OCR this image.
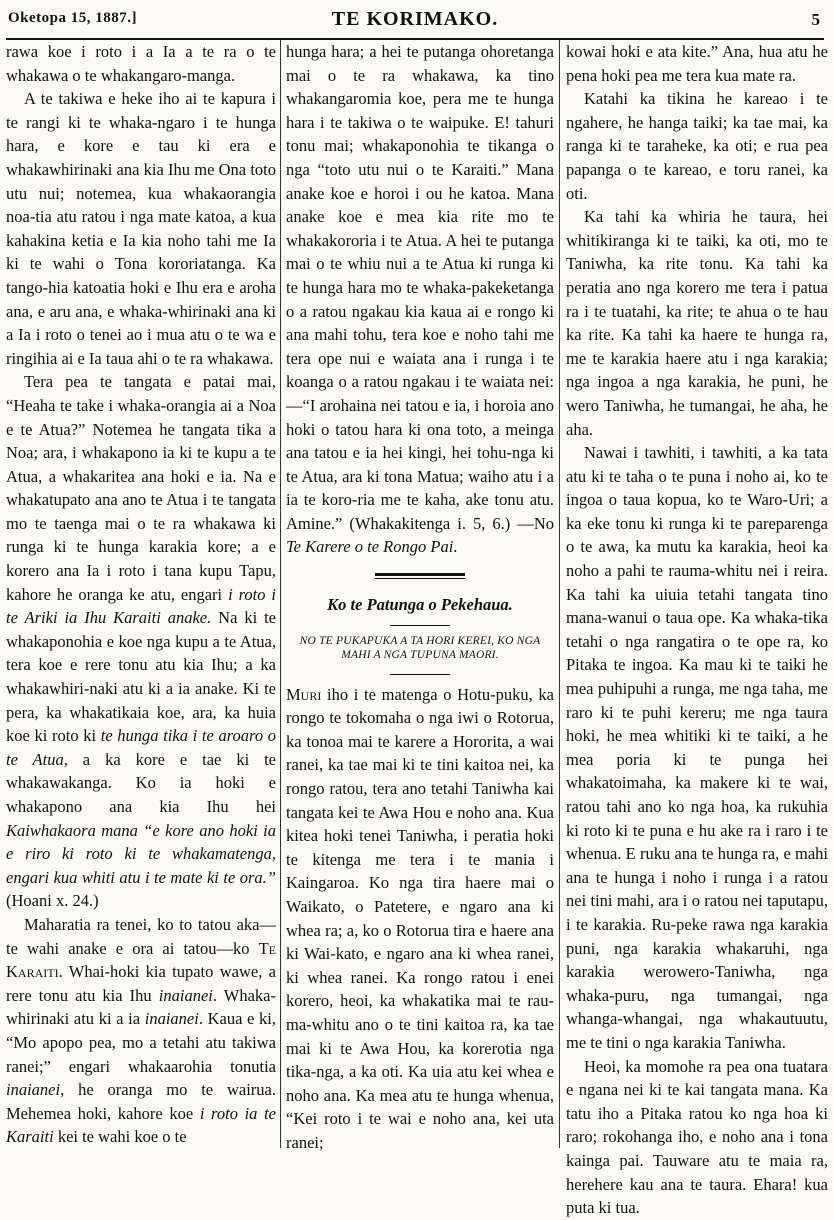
Oketopa 15, 1887.]	TE KORIMAKO.	5

rawa koe i roto i a Ia a te ra o te whakawa o te whakangaro-manga.

A te takiwa e heke iho ai te kapura i te rangi ki te whaka-ngaro i te hunga hara, e kore e tau ki era e whakawhirinaki ana kia Ihu me Ona toto utu nui; notemea, kua whakaorangia noa-tia atu ratou i nga mate katoa, a kua kahakina ketia e Ia kia noho tahi me Ia ki te wahi o Tona kororiatanga. Ka tango-hia katoatia hoki e Ihu era e aroha ana, e aru ana, e whaka-whirinaki ana ki a Ia i roto o tenei ao i mua atu o te wa e ringihia ai e Ia taua ahi o te ra whakawa.

Tera pea te tangata e patai mai, “Heaha te take i whaka-orangia ai a Noa e te Atua?” Notemea he tangata tika a Noa; ara, i whakapono ia ki te kupu a te Atua, a whakaritea ana hoki e ia. Na e whakatupato ana ano te Atua i te tangata mo te taenga mai o te ra whakawa ki runga ki te hunga karakia kore; a e korero ana Ia i roto i tana kupu Tapu, kahore he oranga ke atu, engari i roto i te Ariki ia Ihu Karaiti anake. Na ki te whakaponohia e koe nga kupu a te Atua, tera koe e rere tonu atu kia Ihu; a ka whakawhiri-naki atu ki a ia anake. Ki te pera, ka whakatikaia koe, ara, ka huia koe ki roto ki te hunga tika i te aroaro o te Atua, a ka kore e tae ki te whakawakanga. Ko ia hoki e whakapono ana kia Ihu hei Kaiwhakaora mana “e kore ano hoki ia e riro ki roto ki te whakamatenga, engari kua whiti atu i te mate ki te ora.” (Hoani x. 24.)

Maharatia ra tenei, ko to tatou aka—te wahi anake e ora ai tatou—ko Te Karaiti. Whai-hoki kia tupato wawe, a rere tonu atu kia Ihu inaianei. Whaka-whirinaki atu ki a ia inaianei. Kaua e ki, “Mo apopo pea, mo a tetahi atu takiwa ranei;” engari whakaarohia tonutia inaianei, he oranga mo te wairua. Mehemea hoki, kahore koe i roto ia te Karaiti kei te wahi koe o te

hunga hara; a hei te putanga ohoretanga mai o te ra whakawa, ka tino whakangaromia koe, pera me te hunga hara i te takiwa o te waipuke. E! tahuri tonu mai; whakaponohia te tikanga o nga “toto utu nui o te Karaiti.” Mana anake koe e horoi i ou he katoa. Mana anake koe e mea kia rite mo te whakakororia i te Atua. A hei te putanga mai o te whiu nui a te Atua ki runga ki te hunga hara mo te whaka-pakeketanga o a ratou ngakau kia kaua ai e rongo ki ana mahi tohu, tera koe e noho tahi me tera ope nui e waiata ana i runga i te koanga o a ratou ngakau i te waiata nei:—“I arohaina nei tatou e ia, i horoia ano hoki o tatou hara ki ona toto, a meinga ana tatou e ia hei kingi, hei tohu-nga ki te Atua, ara ki tona Matua; waiho atu i a ia te koro-ria me te kaha, ake tonu atu. Amine.” (Whakakitenga i. 5, 6.) —No Te Karere o te Rongo Pai.

Ko te Patunga o Pekehaua.

NO TE PUKAPUKA A TA HORI KEREI, KO NGA MAHI A NGA TUPUNA MAORI.

Muri iho i te matenga o Hotu-puku, ka rongo te tokomaha o nga iwi o Rotorua, ka tonoa mai te karere a Hororita, a wai ranei, ka tae mai ki te tini kaitoa nei, ka rongo ratou, tera ano tetahi Taniwha kai tangata kei te Awa Hou e noho ana. Kua kitea hoki tenei Taniwha, i peratia hoki te kitenga me tera i te mania i Kaingaroa. Ko nga tira haere mai o Waikato, o Patetere, e ngaro ana ki whea ra; a, ko o Rotorua tira e haere ana ki Wai-kato, e ngaro ana ki whea ranei, ki whea ranei. Ka rongo ratou i enei korero, heoi, ka whakatika mai te rau-ma-whitu ano o te tini kaitoa ra, ka tae mai ki te Awa Hou, ka korerotia nga tika-nga, a ka oti. Ka uia atu kei whea e noho ana. Ka mea atu te hunga whenua, “Kei roto i te wai e noho ana, kei uta ranei;

kowai hoki e ata kite.” Ana, hua atu he pena hoki pea me tera kua mate ra.

Katahi ka tikina he kareao i te ngahere, he hanga taiki; ka tae mai, ka ranga ki te taraheke, ka oti; e rua pea papanga o te kareao, e toru ranei, ka oti.

Ka tahi ka whiria he taura, hei whitikiranga ki te taiki, ka oti, mo te Taniwha, ka rite tonu. Ka tahi ka peratia ano nga korero me tera i patua ra i te tuatahi, ka rite; te ahua o te hau ka rite. Ka tahi ka haere te hunga ra, me te karakia haere atu i nga karakia; nga ingoa a nga karakia, he puni, he wero Taniwha, he tumangai, he aha, he aha.

Nawai i tawhiti, i tawhiti, a ka tata atu ki te taha o te puna i noho ai, ko te ingoa o taua kopua, ko te Waro-Uri; a ka eke tonu ki runga ki te pareparenga o te awa, ka mutu ka karakia, heoi ka noho a pahi te rauma-whitu nei i reira. Ka tahi ka uiuia tetahi tangata tino mana-wanui o taua ope. Ka whaka-tika tetahi o nga rangatira o te ope ra, ko Pitaka te ingoa. Ka mau ki te taiki he mea puhipuhi a runga, me nga taha, me raro ki te puhi kereru; me nga taura hoki, he mea whitiki ki te taiki, a he mea poria ki te punga hei whakatoimaha, ka makere ki te wai, ratou tahi ano ko nga hoa, ka rukuhia ki roto ki te puna e hu ake ra i raro i te whenua. E ruku ana te hunga ra, e mahi ana te hunga i noho i runga i a ratou nei tini mahi, ara i o ratou nei taputapu, i te karakia. Ru-peke rawa nga karakia puni, nga karakia whakaruhi, nga karakia werowero-Taniwha, nga whaka-puru, nga tumangai, nga whanga-whangai, nga whakautuutu, me te tini o nga karakia Taniwha.

Heoi, ka momohe ra pea ona tuatara e ngana nei ki te kai tangata mana. Ka tatu iho a Pitaka ratou ko nga hoa ki raro; rokohanga iho, e noho ana i tona kainga pai. Tauware atu te maia ra, herehere kau ana te taura. Ehara! kua puta ki tua.
